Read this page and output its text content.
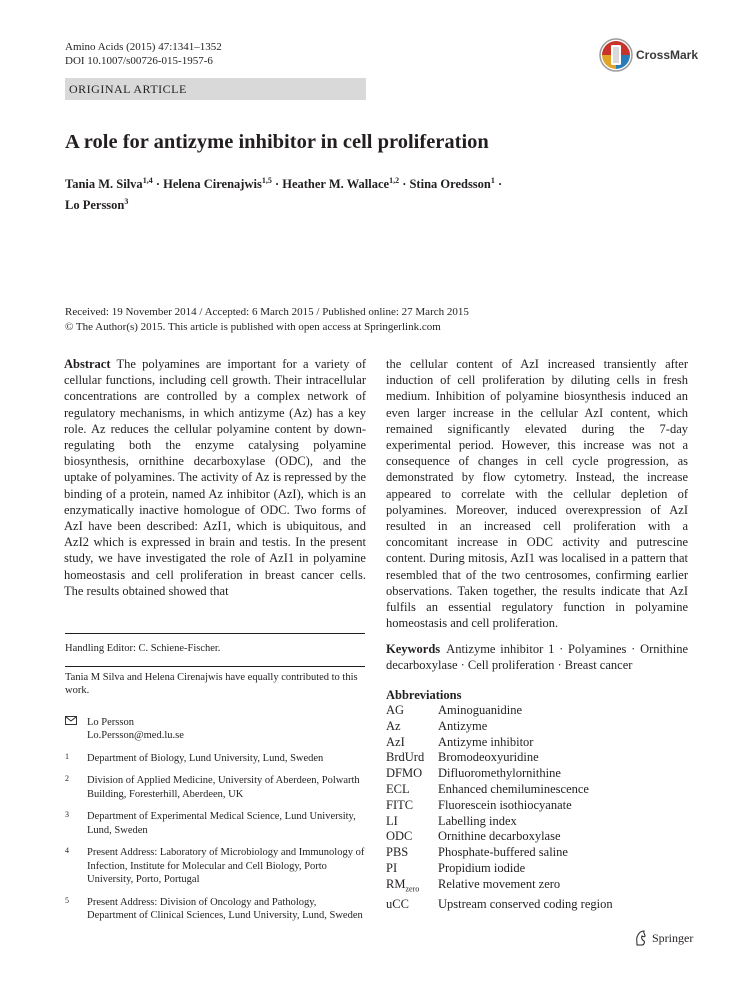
Amino Acids (2015) 47:1341–1352
DOI 10.1007/s00726-015-1957-6	CrossMark
ORIGINAL ARTICLE
A role for antizyme inhibitor in cell proliferation
Tania M. Silva$^{1,4}$ · Helena Cirenajwis$^{1,5}$ · Heather M. Wallace$^{1,2}$ · Stina Oredsson$^1$ ·
Lo Persson$^3$
Received: 19 November 2014 / Accepted: 6 March 2015 / Published online: 27 March 2015
© The Author(s) 2015. This article is published with open access at Springerlink.com
Abstract The polyamines are important for a variety of cellular functions, including cell growth. Their intracellular concentrations are controlled by a complex network of regulatory mechanisms, in which antizyme (Az) has a key role. Az reduces the cellular polyamine content by down-regulating both the enzyme catalysing polyamine biosynthesis, ornithine decarboxylase (ODC), and the uptake of polyamines. The activity of Az is repressed by the binding of a protein, named Az inhibitor (AzI), which is an enzymatically inactive homologue of ODC. Two forms of AzI have been described: AzI1, which is ubiquitous, and AzI2 which is expressed in brain and testis. In the present study, we have investigated the role of AzI1 in polyamine homeostasis and cell proliferation in breast cancer cells. The results obtained showed that
the cellular content of AzI increased transiently after induction of cell proliferation by diluting cells in fresh medium. Inhibition of polyamine biosynthesis induced an even larger increase in the cellular AzI content, which remained significantly elevated during the 7-day experimental period. However, this increase was not a consequence of changes in cell cycle progression, as demonstrated by flow cytometry. Instead, the increase appeared to correlate with the cellular depletion of polyamines. Moreover, induced overexpression of AzI resulted in an increased cell proliferation with a concomitant increase in ODC activity and putrescine content. During mitosis, AzI1 was localised in a pattern that resembled that of the two centrosomes, confirming earlier observations. Taken together, the results indicate that AzI fulfils an essential regulatory function in polyamine homeostasis and cell proliferation.
Handling Editor: C. Schiene-Fischer.
Tania M Silva and Helena Cirenajwis have equally contributed to this work.
Lo Persson
Lo.Persson@med.lu.se
1	Department of Biology, Lund University, Lund, Sweden
2	Division of Applied Medicine, University of Aberdeen, Polwarth Building, Foresterhill, Aberdeen, UK
3	Department of Experimental Medical Science, Lund University, Lund, Sweden
4	Present Address: Laboratory of Microbiology and Immunology of Infection, Institute for Molecular and Cell Biology, Porto University, Porto, Portugal
5	Present Address: Division of Oncology and Pathology, Department of Clinical Sciences, Lund University, Lund, Sweden
Keywords Antizyme inhibitor 1 · Polyamines · Ornithine decarboxylase · Cell proliferation · Breast cancer
Abbreviations
AG	Aminoguanidine
Az	Antizyme
AzI	Antizyme inhibitor
BrdUrd	Bromodeoxyuridine
DFMO	Difluoromethylornithine
ECL	Enhanced chemiluminescence
FITC	Fluorescein isothiocyanate
LI	Labelling index
ODC	Ornithine decarboxylase
PBS	Phosphate-buffered saline
PI	Propidium iodide
$RM_{zero}$	Relative movement zero
uCC	Upstream conserved coding region
Springer
